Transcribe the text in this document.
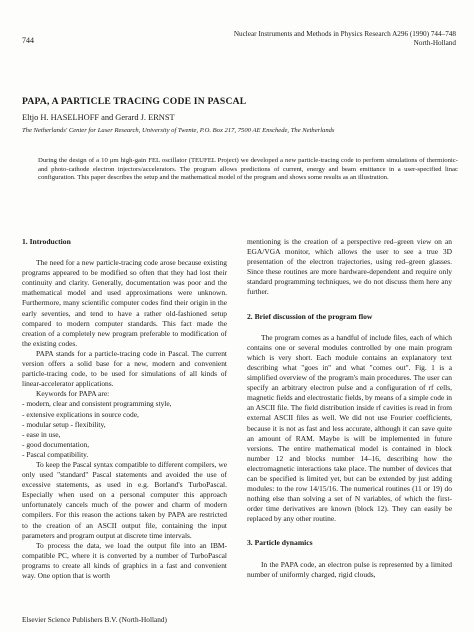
744
Nuclear Instruments and Methods in Physics Research A296 (1990) 744–748
North-Holland
PAPA, A PARTICLE TRACING CODE IN PASCAL
Eltjo H. HASELHOFF and Gerard J. ERNST
The Netherlands' Center for Laser Research, University of Twente, P.O. Box 217, 7500 AE Enschede, The Netherlands

During the design of a 10 μm high-gain FEL oscillator (TEUFEL Project) we developed a new particle-tracing code to perform simulations of thermionic- and photo-cathode electron injectors/accelerators. The program allows predictions of current, energy and beam emittance in a user-specified linac configuration. This paper describes the setup and the mathematical model of the program and shows some results as an illustration.

1. Introduction

The need for a new particle-tracing code arose because existing programs appeared to be modified so often that they had lost their continuity and clarity. Generally, documentation was poor and the mathematical model and used approximations were unknown. Furthermore, many scientific computer codes find their origin in the early seventies, and tend to have a rather old-fashioned setup compared to modern computer standards. This fact made the creation of a completely new program preferable to modification of the existing codes.

PAPA stands for a particle-tracing code in Pascal. The current version offers a solid base for a new, modern and convenient particle-tracing code, to be used for simulations of all kinds of linear-accelerator applications.

Keywords for PAPA are:

- modern, clear and consistent programming style,
- extensive explications in source code,
- modular setup - flexibility,
- ease in use,
- good documentation,
- Pascal compatibility.

To keep the Pascal syntax compatible to different compilers, we only used "standard" Pascal statements and avoided the use of excessive statements, as used in e.g. Borland's TurboPascal. Especially when used on a personal computer this approach unfortunately cancels much of the power and charm of modern compilers. For this reason the actions taken by PAPA are restricted to the creation of an ASCII output file, containing the input parameters and program output at discrete time intervals.

To process the data, we load the output file into an IBM-compatible PC, where it is converted by a number of TurboPascal programs to create all kinds of graphics in a fast and convenient way. One option that is worth

mentioning is the creation of a perspective red–green view on an EGA/VGA monitor, which allows the user to see a true 3D presentation of the electron trajectories, using red–green glasses. Since these routines are more hardware-dependent and require only standard programming techniques, we do not discuss them here any further.

2. Brief discussion of the program flow

The program comes as a handful of include files, each of which contains one or several modules controlled by one main program which is very short. Each module contains an explanatory text describing what "goes in" and what "comes out". Fig. 1 is a simplified overview of the program's main procedures. The user can specify an arbitrary electron pulse and a configuration of rf cells, magnetic fields and electrostatic fields, by means of a simple code in an ASCII file. The field distribution inside rf cavities is read in from external ASCII files as well. We did not use Fourier coefficients, because it is not as fast and less accurate, although it can save quite an amount of RAM. Maybe is will be implemented in future versions. The entire mathematical model is contained in block number 12 and blocks number 14–16, describing how the electromagnetic interactions take place. The number of devices that can be specified is limited yet, but can be extended by just adding modules: to the row 14/15/16. The numerical routines (11 or 19) do nothing else than solving a set of N variables, of which the first-order time derivatives are known (block 12). They can easily be replaced by any other routine.

3. Particle dynamics

In the PAPA code, an electron pulse is represented by a limited number of uniformly charged, rigid clouds,

Elsevier Science Publishers B.V. (North-Holland)
